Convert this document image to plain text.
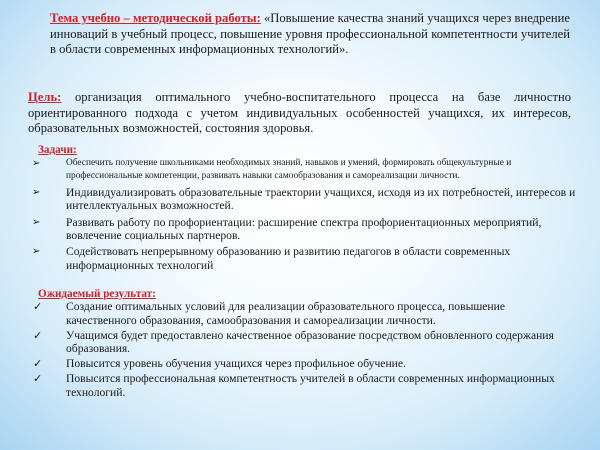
Тема учебно – методической работы: «Повышение качества знаний учащихся через внедрение инноваций в учебный процесс, повышение уровня профессиональной компетентности учителей в области современных информационных технологий».
Цель: организация оптимального учебно-воспитательного процесса на базе личностно ориентированного подхода с учетом индивидуальных особенностей учащихся, их интересов, образовательных возможностей, состояния здоровья.
Задачи:
➢	Обеспечить получение школьниками необходимых знаний, навыков и умений, формировать общекультурные и профессиональные компетенции, развивать навыки самообразования и самореализации личности.
➢ Индивидуализировать образовательные траектории учащихся, исходя из их потребностей, интересов и интеллектуальных возможностей.
➢ Развивать работу по профориентации: расширение спектра профориентационных мероприятий, вовлечение социальных партнеров.
➢ Содействовать непрерывному образованию и развитию педагогов в области современных информационных технологий
Ожидаемый результат:
✓ Создание оптимальных условий для реализации образовательного процесса, повышение качественного образования, самообразования и самореализации личности.
✓ Учащимся будет предоставлено качественное образование посредством обновленного содержания образования.
✓ Повысится уровень обучения учащихся через профильное обучение.
✓ Повысится профессиональная компетентность учителей в области современных информационных технологий.
